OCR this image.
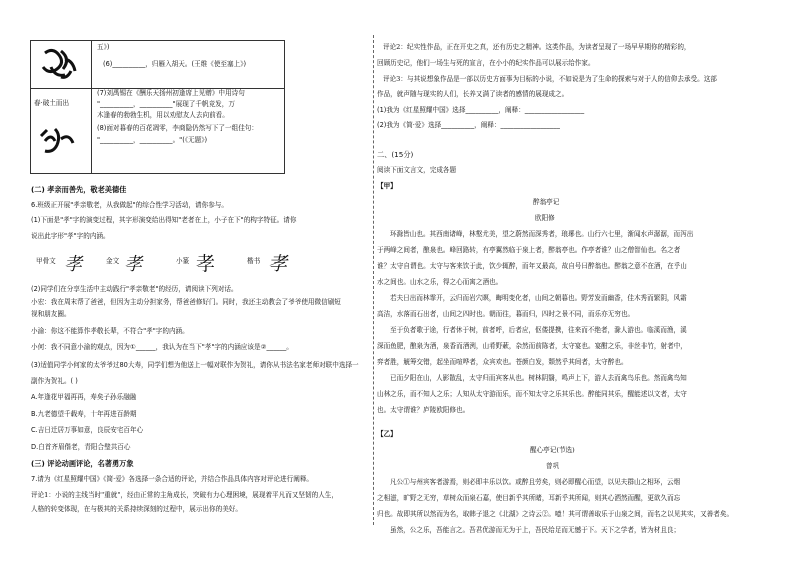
五》)
(6)__________，归雁入胡天。(王维《使至塞上》)
春·破土而出
(7)刘禹锡在《酬乐天扬州初逢席上见赠》中用诗句
"__________，__________"展现了千帆竞发，万
木逢春的勃勃生机，用以劝慰友人去向前看。
(8)面对暮春的百花凋零，李商隐仍然写下了一组佳句：
"__________，__________。"(《无题》)
(二) 孝亲而善先，敬老美德佳
6.班级正开展"孝亲敬老，从我做起"的综合性学习活动，请你参与。
(1)下面是"孝"字的演变过程，其字形演变给出得知"老者在上，小子在下"的构字特征。请你
说出此字形"孝"字的内涵。
甲骨文 孝	金文 孝	小篆 孝	楷书 孝
(2)同学们在分享生活中主动践行"孝亲敬老"的经历，请阅读下列对话。
小宏：我在周末帮了爸爸，但因为主动分担家务，帮爸爸修好门。同时，我还主动教会了爷爷使用微信刷短
视和朋友圈。
小渝：你这不能算作孝敬长辈，不符合"孝"字的内涵。
小何：我不同意小渝的观点，因为①______，我认为在当下"孝"字的内涵应该是②______。
(3)适值同学小何家的太爷爷过80大寿，同学们想为他送上一幅对联作为贺礼，请你从书法名家老师对联中选择一
副作为贺礼。( )
A.年逢花甲福再再，寿矣子孙乐融融
B.九老德望千载寿，十年再进百龄期
C.吉日迁居万事如意，良辰安宅百年心
D.白首齐眉偕老，青阳合璧共百心
(三) 评论动画评论，名著勇万象
7.请为《红星照耀中国》《简·爱》各选择一条合适的评论，并结合作品具体内容对评论进行阐释。
评论1：小说的主线当时"重就"，经由正常的主角成长，突破有力心理困境，展现着平凡而又坚韧的人生，
人格的转变体现，在与极其的关系持续深刻的过程中，展示出你的美好。
评论2：纪实性作品，正在开史之真，还有历史之精神。这类作品，为读者呈现了一场早早期你的精彩的，
回顾历史记，他们一场生与死的宣言，在小小的纪实作品可以展示给作家。
评论3：与其说想象作品是一部以历史方面事为目标的小说，不如说是为了生命的探索与对于人的信仰去承受。这部
作品，就声随与现实的人们，长养又满了读者的感情的展现成之。
(1)我为《红星照耀中国》选择__________，阐释：__________________
(2)我为《简·爱》选择__________，阐释：__________________
二、(15分)
阅读下面文言文，完成各题
【甲】
醉翁亭记
欧阳修
环滁皆山也。其西南诸峰，林壑尤美，望之蔚然而深秀者，琅琊也。山行六七里，渐闻水声潺潺，而泻出
于两峰之间者，酿泉也。峰回路转，有亭翼然临于泉上者，醉翁亭也。作亭者谁？山之僧智仙也。名之者
谁？太守自谓也。太守与客来饮于此，饮少辄醉，而年又最高，故自号曰醉翁也。醉翁之意不在酒，在乎山
水之间也。山水之乐，得之心而寓之酒也。
若夫日出而林霏开，云归而岩穴暝，晦明变化者，山间之朝暮也。野芳发而幽香，佳木秀而繁阴，风霜
高洁，水落而石出者，山间之四时也。朝而往，暮而归，四时之景不同，而乐亦无穷也。
至于负者歌于途，行者休于树，前者呼，后者应，伛偻提携，往来而不绝者，滁人游也。临溪而渔，溪
深而鱼肥，酿泉为酒，泉香而酒洌，山肴野蔌，杂然而前陈者，太守宴也。宴酣之乐，非丝非竹，射者中，
弈者胜，觥筹交错，起坐而喧哗者，众宾欢也。苍颜白发，颓然乎其间者，太守醉也。
已而夕阳在山，人影散乱，太守归而宾客从也。树林阴翳，鸣声上下，游人去而禽鸟乐也。然而禽鸟知
山林之乐，而不知人之乐；人知从太守游而乐，而不知太守之乐其乐也。醉能同其乐，醒能述以文者，太守
也。太守谓谁？庐陵欧阳修也。
【乙】
醒心亭记(节选)
曾巩
凡公①与州宾客者游焉，则必即丰乐以饮。或醉且劳矣，则必即醒心而望，以见夫群山之相环，云烟
之相滋，旷野之无穷，草树众而泉石嘉，使目新乎其所睹，耳新乎其所闻，则其心洒然而醒，更欲久而忘
归也。故即其所以然而为名，取韩子退之《北湖》之诗云②。噫！其可谓善取乐于山泉之间，而名之以见其实，又善者矣。
虽然，公之乐，吾能言之。吾君优游而无为于上，吾民给足而无憾于下。天下之学者，皆为材且良；
